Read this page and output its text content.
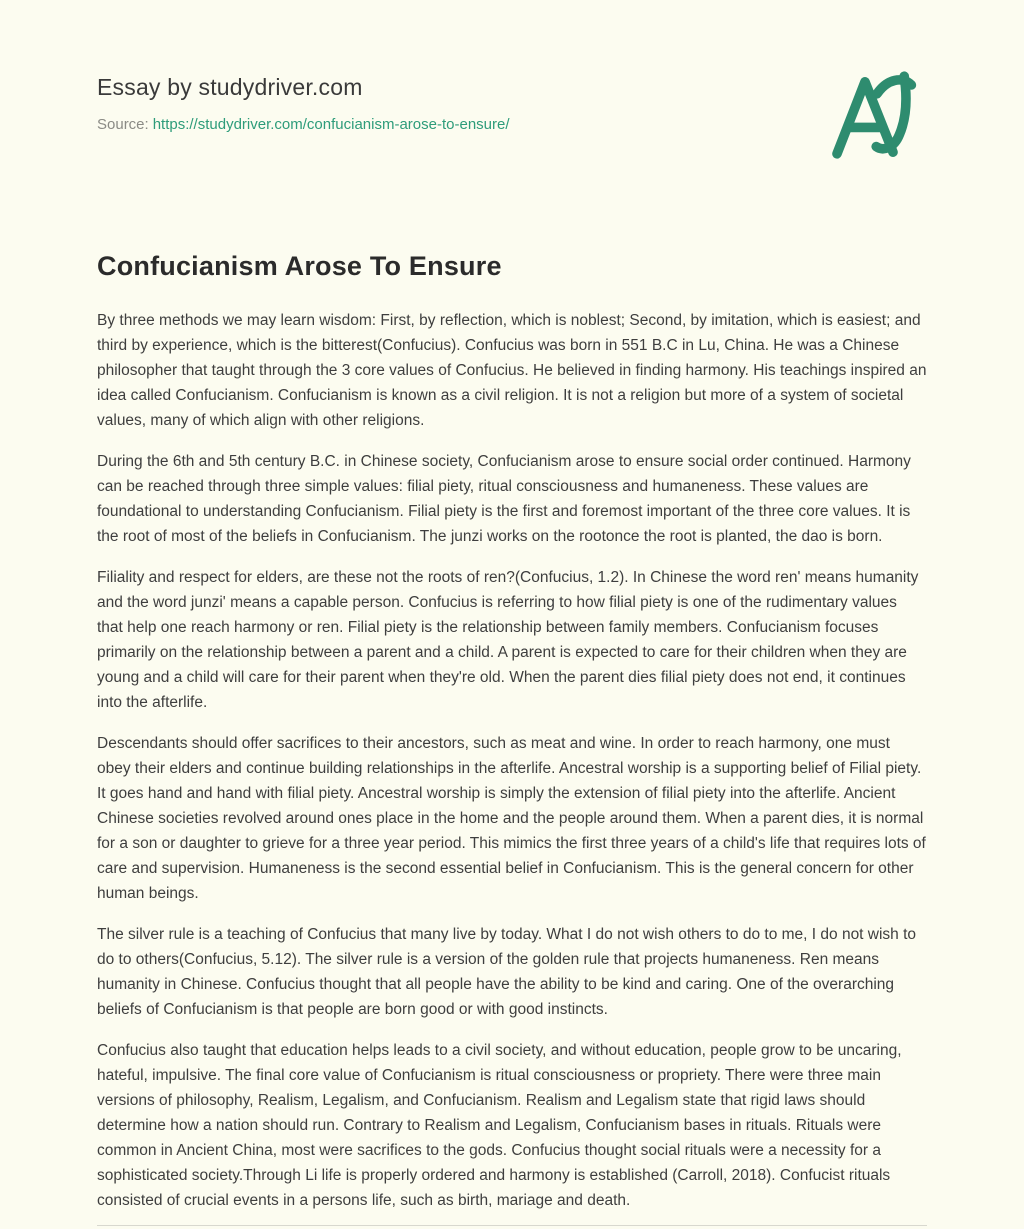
Essay by studydriver.com
Source: https://studydriver.com/confucianism-arose-to-ensure/
Confucianism Arose To Ensure

By three methods we may learn wisdom: First, by reflection, which is noblest; Second, by imitation, which is easiest; and third by experience, which is the bitterest(Confucius). Confucius was born in 551 B.C in Lu, China. He was a Chinese philosopher that taught through the 3 core values of Confucius. He believed in finding harmony. His teachings inspired an idea called Confucianism. Confucianism is known as a civil religion. It is not a religion but more of a system of societal values, many of which align with other religions.

During the 6th and 5th century B.C. in Chinese society, Confucianism arose to ensure social order continued. Harmony can be reached through three simple values: filial piety, ritual consciousness and humaneness. These values are foundational to understanding Confucianism. Filial piety is the first and foremost important of the three core values. It is the root of most of the beliefs in Confucianism. The junzi works on the rootonce the root is planted, the dao is born.

Filiality and respect for elders, are these not the roots of ren?(Confucius, 1.2). In Chinese the word ren' means humanity and the word junzi' means a capable person. Confucius is referring to how filial piety is one of the rudimentary values that help one reach harmony or ren. Filial piety is the relationship between family members. Confucianism focuses primarily on the relationship between a parent and a child. A parent is expected to care for their children when they are young and a child will care for their parent when they're old. When the parent dies filial piety does not end, it continues into the afterlife.

Descendants should offer sacrifices to their ancestors, such as meat and wine. In order to reach harmony, one must obey their elders and continue building relationships in the afterlife. Ancestral worship is a supporting belief of Filial piety. It goes hand and hand with filial piety. Ancestral worship is simply the extension of filial piety into the afterlife. Ancient Chinese societies revolved around ones place in the home and the people around them. When a parent dies, it is normal for a son or daughter to grieve for a three year period. This mimics the first three years of a child's life that requires lots of care and supervision. Humaneness is the second essential belief in Confucianism. This is the general concern for other human beings.

The silver rule is a teaching of Confucius that many live by today. What I do not wish others to do to me, I do not wish to do to others(Confucius, 5.12). The silver rule is a version of the golden rule that projects humaneness. Ren means humanity in Chinese. Confucius thought that all people have the ability to be kind and caring. One of the overarching beliefs of Confucianism is that people are born good or with good instincts.

Confucius also taught that education helps leads to a civil society, and without education, people grow to be uncaring, hateful, impulsive. The final core value of Confucianism is ritual consciousness or propriety. There were three main versions of philosophy, Realism, Legalism, and Confucianism. Realism and Legalism state that rigid laws should determine how a nation should run. Contrary to Realism and Legalism, Confucianism bases in rituals. Rituals were common in Ancient China, most were sacrifices to the gods. Confucius thought social rituals were a necessity for a sophisticated society.Through Li life is properly ordered and harmony is established (Carroll, 2018). Confucist rituals consisted of crucial events in a persons life, such as birth, mariage and death.
